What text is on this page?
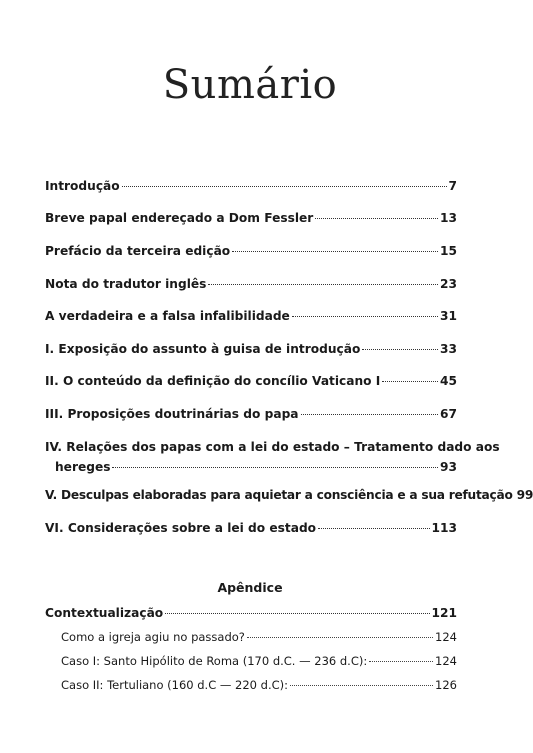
Sumário
Introdução	7
Breve papal endereçado a Dom Fessler	13
Prefácio da terceira edição	15
Nota do tradutor inglês	23
A verdadeira e a falsa infalibilidade	31
I. Exposição do assunto à guisa de introdução	33
II. O conteúdo da definição do concílio Vaticano I	45
III. Proposições doutrinárias do papa	67
IV. Relações dos papas com a lei do estado – Tratamento dado aos
hereges	93
V. Desculpas elaboradas para aquietar a consciência e a sua refutação 99
VI. Considerações sobre a lei do estado	113
Contextualização	121
Como a igreja agiu no passado?	124
Caso I: Santo Hipólito de Roma (170 d.C. — 236 d.C):	124
Caso II: Tertuliano (160 d.C — 220 d.C):	126
Apêndice
